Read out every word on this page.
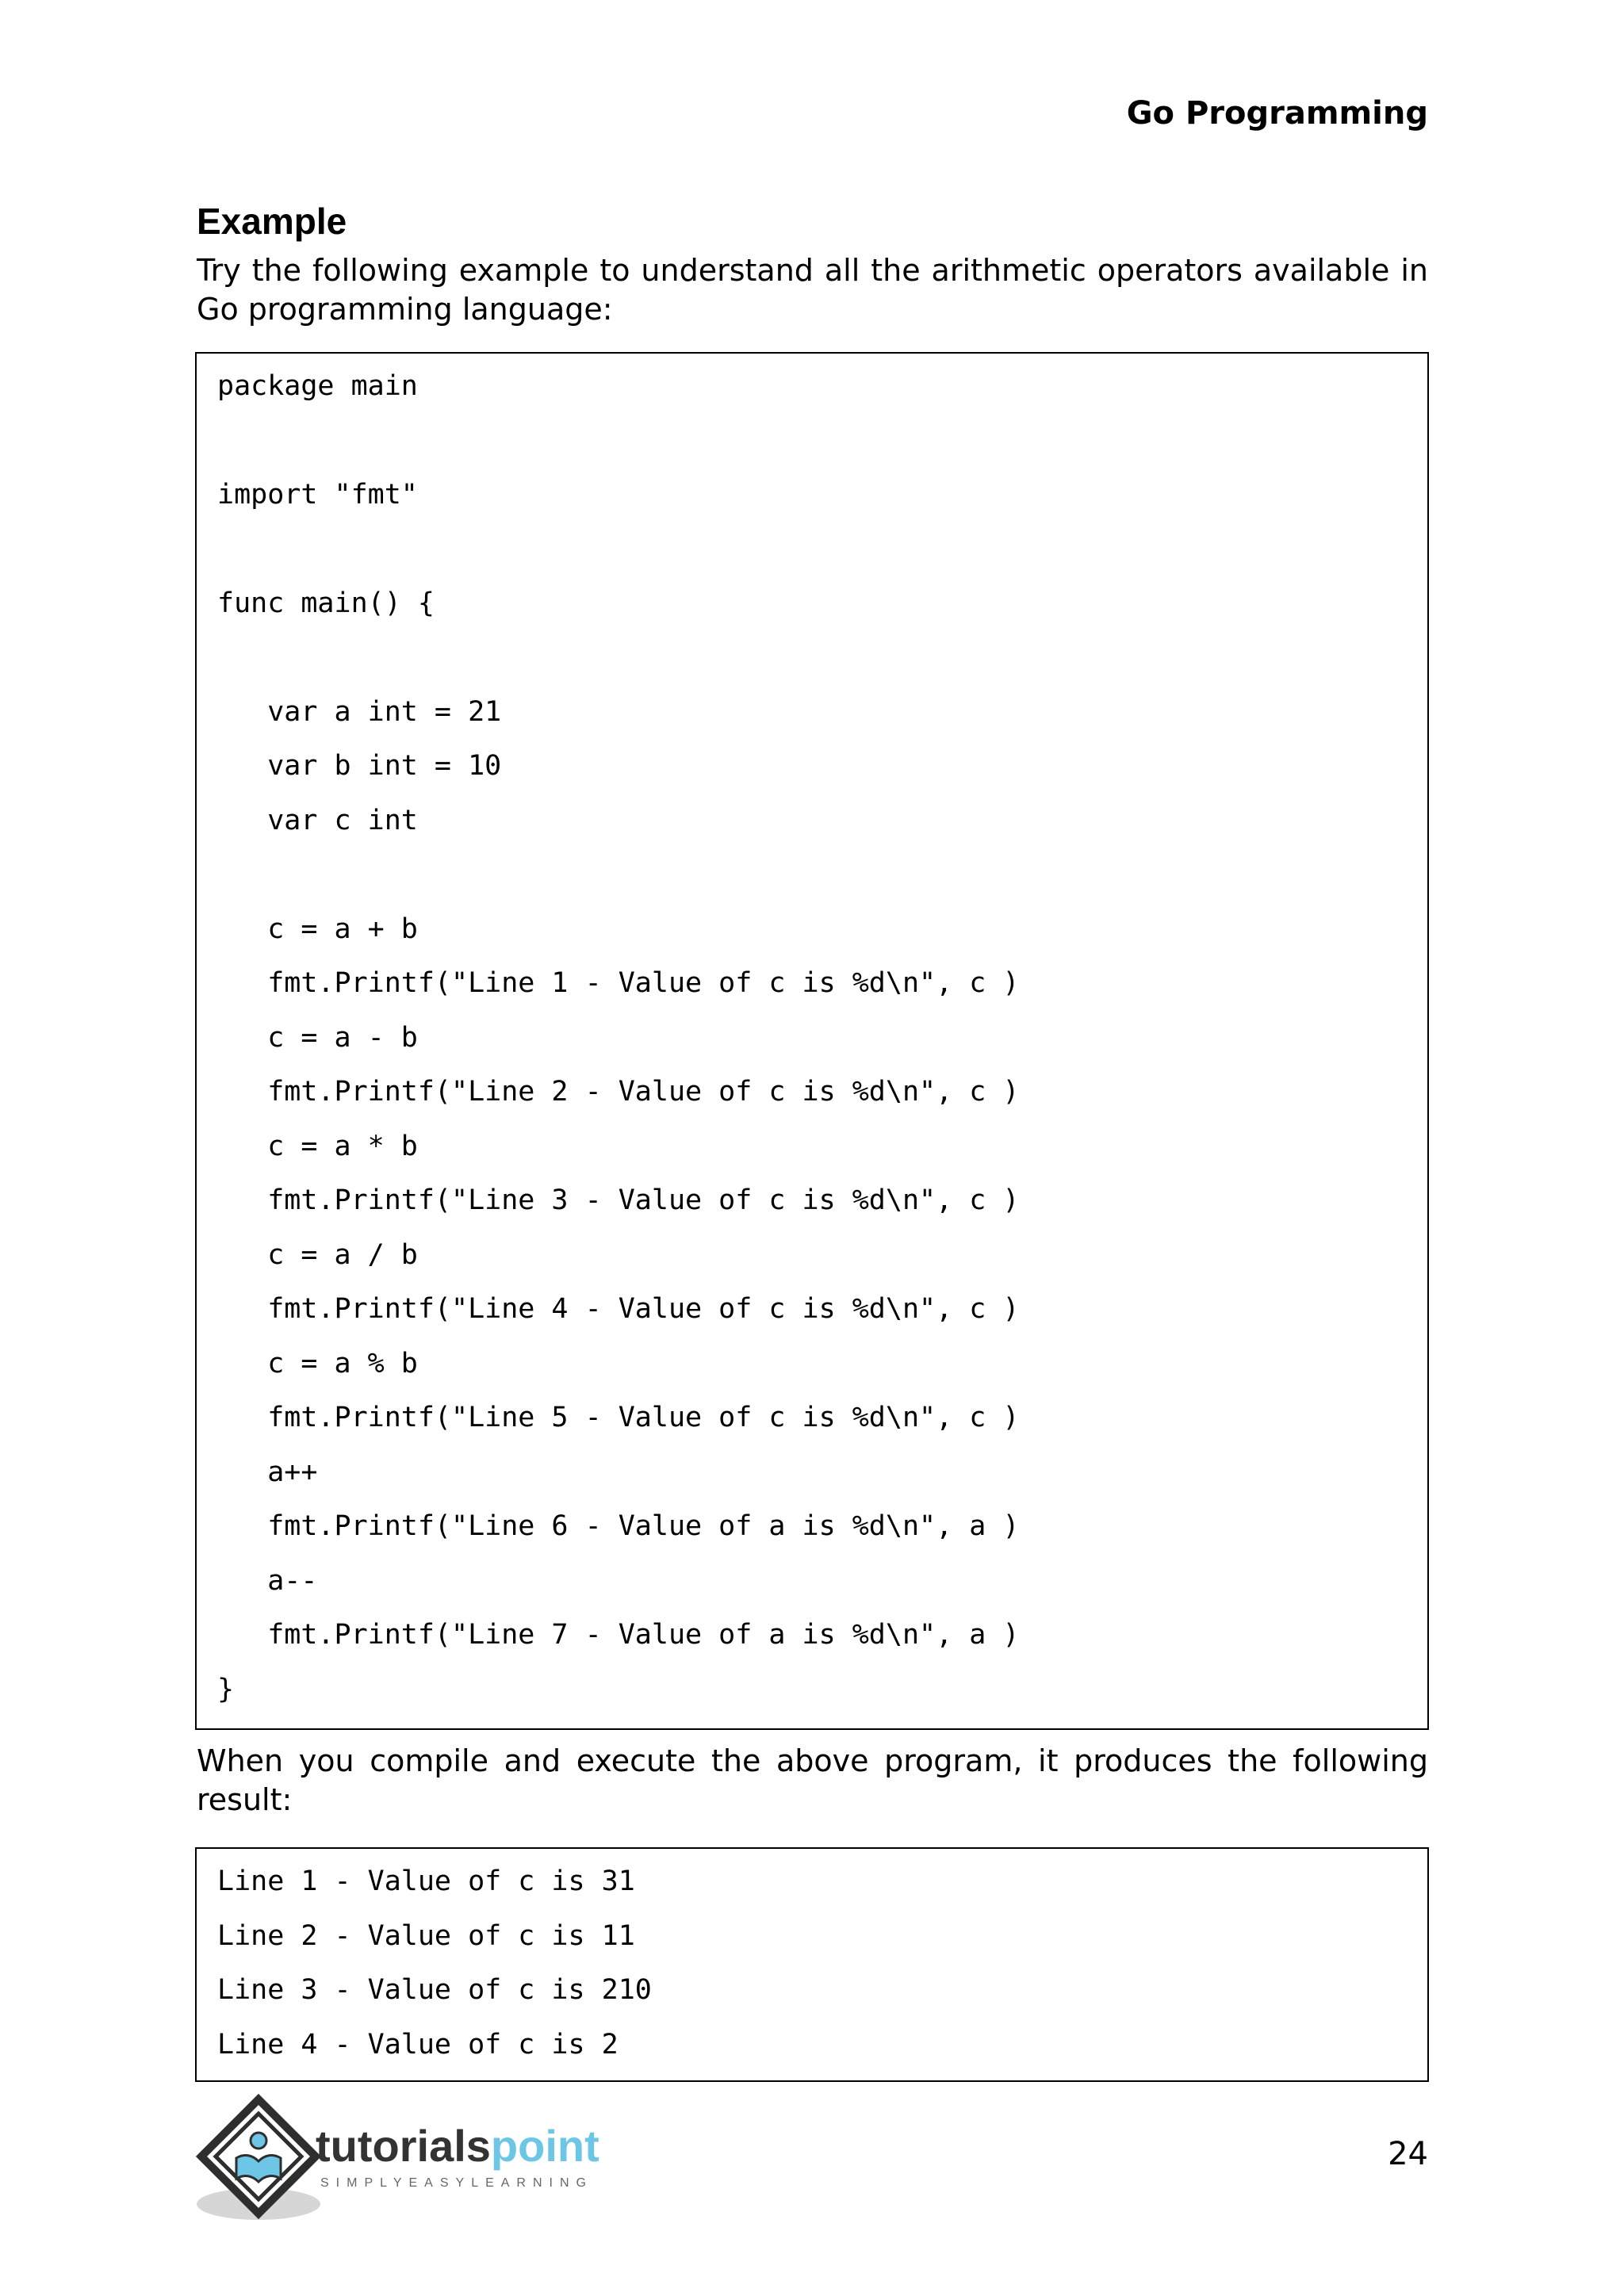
Go Programming
Example
Try the following example to understand all the arithmetic operators available in Go programming language:
package main
import "fmt"
func main() {
var a int = 21
var b int = 10
var c int
c = a + b
fmt.Printf("Line 1 - Value of c is %d\n", c )
c = a - b
fmt.Printf("Line 2 - Value of c is %d\n", c )
c = a * b
fmt.Printf("Line 3 - Value of c is %d\n", c )
c = a / b
fmt.Printf("Line 4 - Value of c is %d\n", c )
c = a % b
fmt.Printf("Line 5 - Value of c is %d\n", c )
a++
fmt.Printf("Line 6 - Value of a is %d\n", a )
a--
fmt.Printf("Line 7 - Value of a is %d\n", a )
}
When you compile and execute the above program, it produces the following result:
Line 1 - Value of c is 31
Line 2 - Value of c is 11
Line 3 - Value of c is 210
Line 4 - Value of c is 2
tutorialspoint
SIMPLYEASYLEARNING
24
